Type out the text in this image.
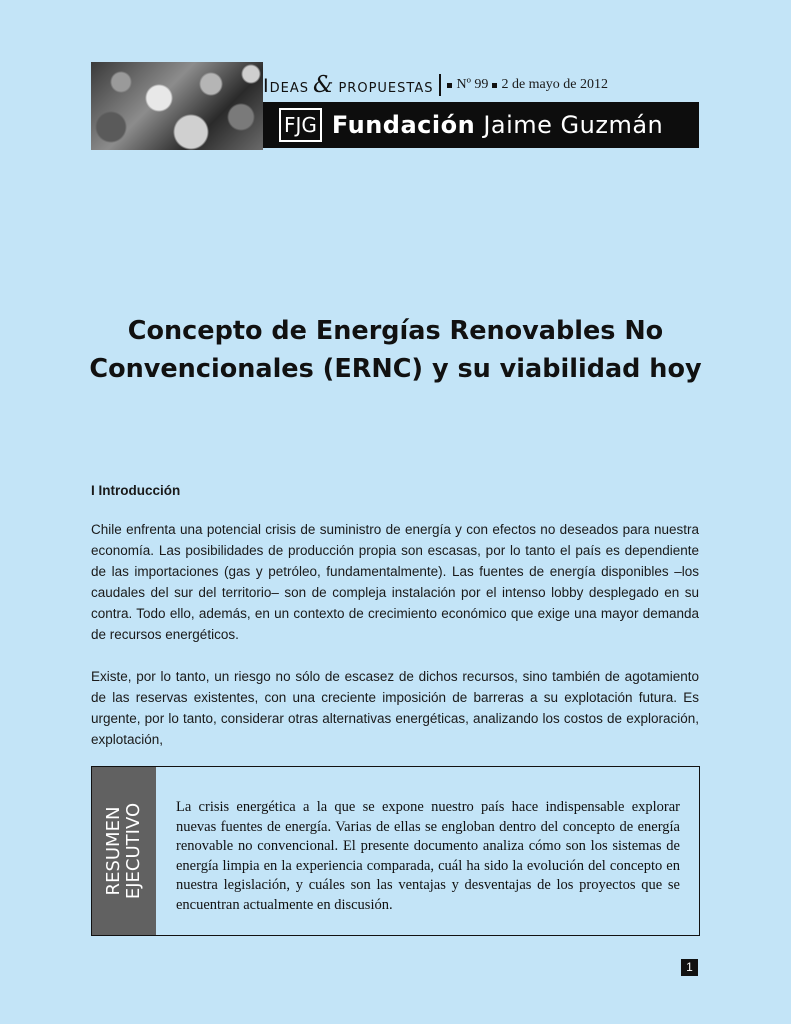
Ideas & propuestas Nº 99 2 de mayo de 2012
FJG Fundación Jaime Guzmán
Concepto de Energías Renovables No
Convencionales (ERNC) y su viabilidad hoy
I Introducción
Chile enfrenta una potencial crisis de suministro de energía y con efectos no deseados para nuestra economía. Las posibilidades de producción propia son escasas, por lo tanto el país es dependiente de las importaciones (gas y petróleo, fundamentalmente). Las fuentes de energía disponibles –los caudales del sur del territorio– son de compleja instalación por el intenso lobby desplegado en su contra. Todo ello, además, en un contexto de crecimiento económico que exige una mayor demanda de recursos energéticos.
Existe, por lo tanto, un riesgo no sólo de escasez de dichos recursos, sino también de agotamiento de las reservas existentes, con una creciente imposición de barreras a su explotación futura. Es urgente, por lo tanto, considerar otras alternativas energéticas, analizando los costos de exploración, explotación,
RESUMEN EJECUTIVO La crisis energética a la que se expone nuestro país hace indispensable explorar nuevas fuentes de energía. Varias de ellas se engloban dentro del concepto de energía renovable no convencional. El presente documento analiza cómo son los sistemas de energía limpia en la experiencia comparada, cuál ha sido la evolución del concepto en nuestra legislación, y cuáles son las ventajas y desventajas de los proyectos que se encuentran actualmente en discusión.
1
